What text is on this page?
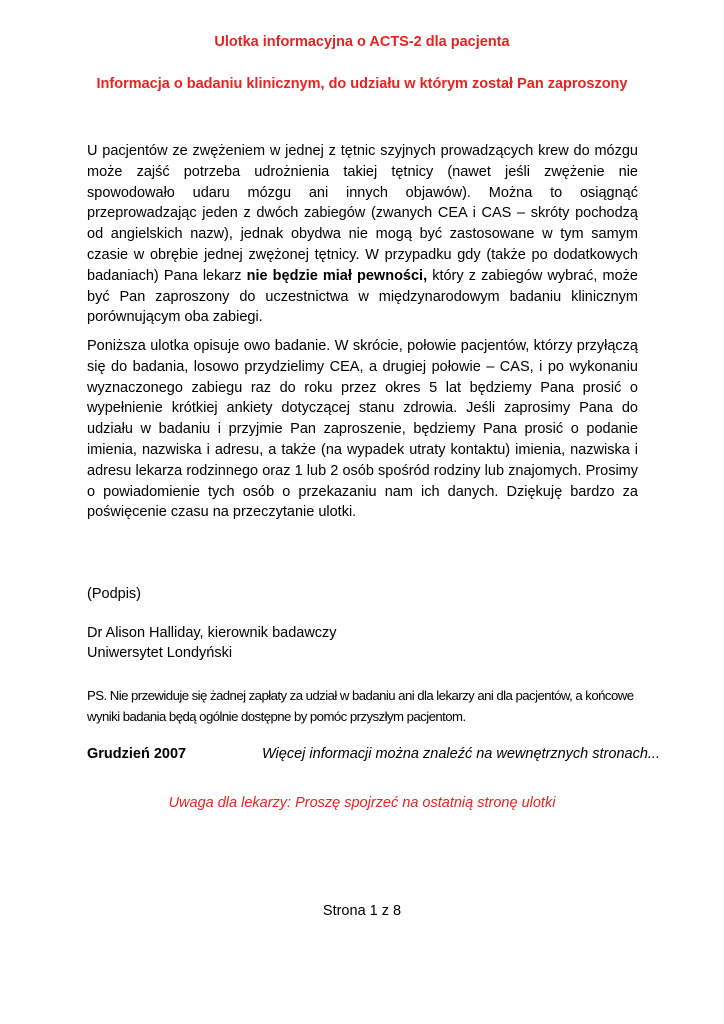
Ulotka informacyjna o ACTS-2 dla pacjenta
Informacja o badaniu klinicznym, do udziału w którym został Pan zaproszony
U pacjentów ze zwężeniem w jednej z tętnic szyjnych prowadzących krew do mózgu może zajść potrzeba udrożnienia takiej tętnicy (nawet jeśli zwężenie nie spowodowało udaru mózgu ani innych objawów). Można to osiągnąć przeprowadzając jeden z dwóch zabiegów (zwanych CEA i CAS – skróty pochodzą od angielskich nazw), jednak obydwa nie mogą być zastosowane w tym samym czasie w obrębie jednej zwężonej tętnicy. W przypadku gdy (także po dodatkowych badaniach) Pana lekarz nie będzie miał pewności, który z zabiegów wybrać, może być Pan zaproszony do uczestnictwa w międzynarodowym badaniu klinicznym porównującym oba zabiegi.
Poniższa ulotka opisuje owo badanie. W skrócie, połowie pacjentów, którzy przyłączą się do badania, losowo przydzielimy CEA, a drugiej połowie – CAS, i po wykonaniu wyznaczonego zabiegu raz do roku przez okres 5 lat będziemy Pana prosić o wypełnienie krótkiej ankiety dotyczącej stanu zdrowia. Jeśli zaprosimy Pana do udziału w badaniu i przyjmie Pan zaproszenie, będziemy Pana prosić o podanie imienia, nazwiska i adresu, a także (na wypadek utraty kontaktu) imienia, nazwiska i adresu lekarza rodzinnego oraz 1 lub 2 osób spośród rodziny lub znajomych. Prosimy o powiadomienie tych osób o przekazaniu nam ich danych. Dziękuję bardzo za poświęcenie czasu na przeczytanie ulotki.
(Podpis)
Dr Alison Halliday, kierownik badawczy
Uniwersytet Londyński
PS. Nie przewiduje się żadnej zapłaty za udział w badaniu ani dla lekarzy ani dla pacjentów, a końcowe wyniki badania będą ogólnie dostępne by pomóc przyszłym pacjentom.
Grudzień 2007	Więcej informacji można znaleźć na wewnętrznych stronach...
Uwaga dla lekarzy: Proszę spojrzeć na ostatnią stronę ulotki
Strona 1 z 8
